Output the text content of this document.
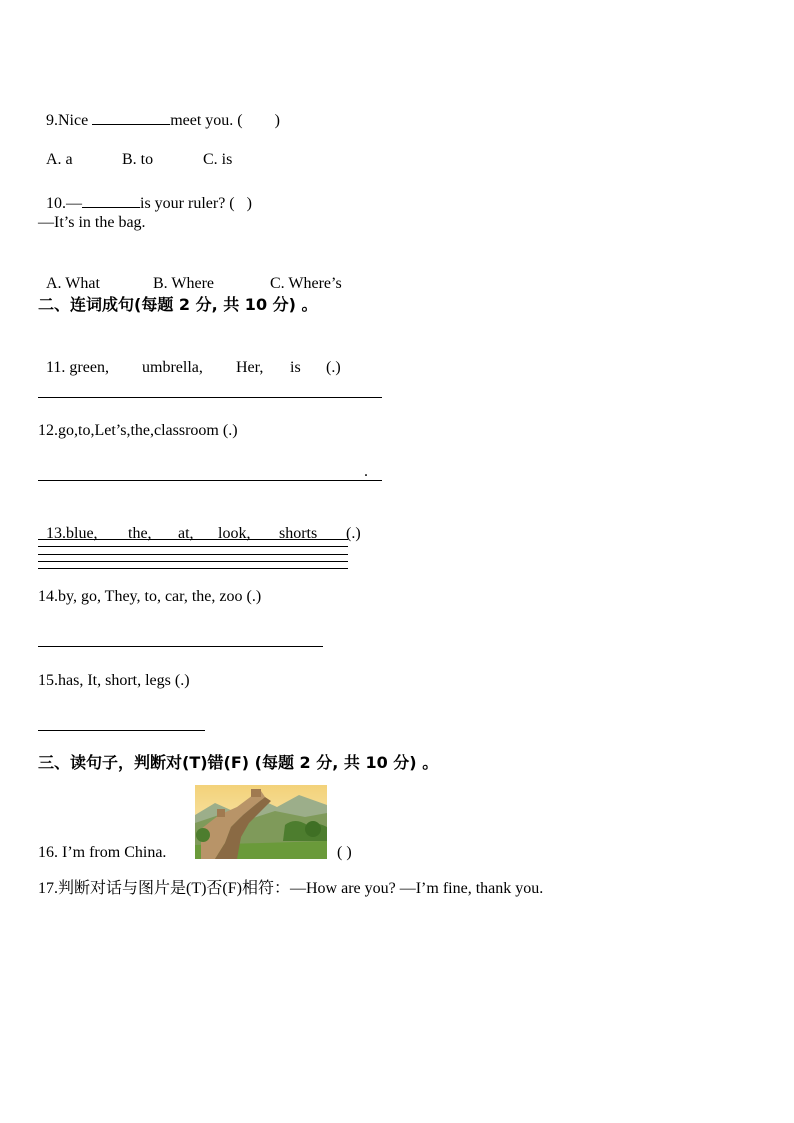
9.Nice	meet you. (        )

A. a	B. to	C. is

10.—	is your ruler? (   )

—It’s in the bag.

A. What	B. Where	C. Where’s

二、连词成句(每题 2 分, 共 10 分) 。

11. green, umbrella, Her, is (.)

12.go,to,Let’s,the,classroom (.)
.

13.blue, the, at, look, shorts (.)

14.by, go, They, to, car, the, zoo (.)
15.has, It, short, legs (.)
三、读句子，判断对(T)错(F) (每题 2 分, 共 10 分) 。
16. I’m from China.	( )
17.判断对话与图片是(T)否(F)相符：—How are you? —I’m fine, thank you.
